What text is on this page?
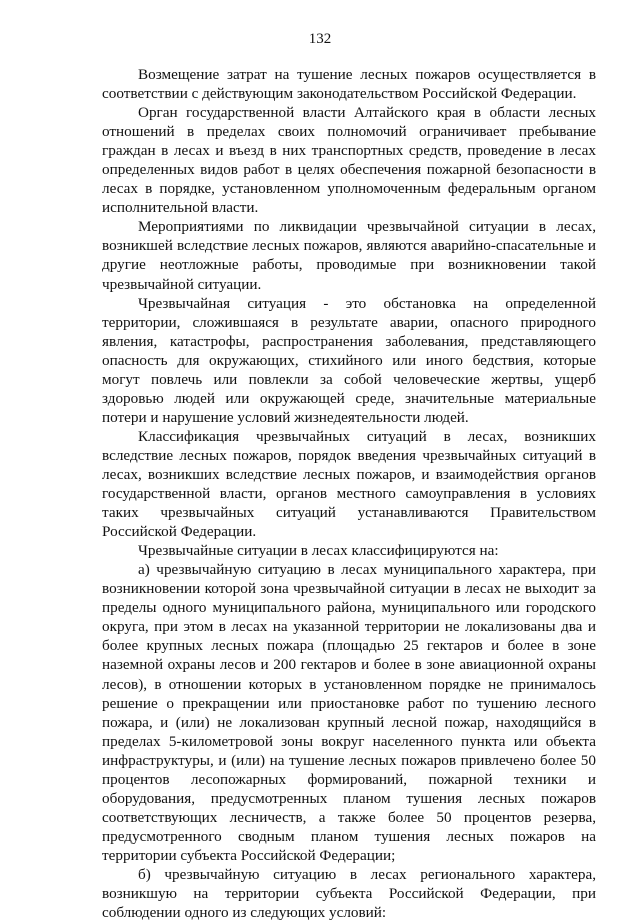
132

Возмещение затрат на тушение лесных пожаров осуществляется в соответствии с действующим законодательством Российской Федерации.

Орган государственной власти Алтайского края в области лесных отношений в пределах своих полномочий ограничивает пребывание граждан в лесах и въезд в них транспортных средств, проведение в лесах определенных видов работ в целях обеспечения пожарной безопасности в лесах в порядке, установленном уполномоченным федеральным органом исполнительной власти.

Мероприятиями по ликвидации чрезвычайной ситуации в лесах, возникшей вследствие лесных пожаров, являются аварийно-спасательные и другие неотложные работы, проводимые при возникновении такой чрезвычайной ситуации.

Чрезвычайная ситуация - это обстановка на определенной территории, сложившаяся в результате аварии, опасного природного явления, катастрофы, распространения заболевания, представляющего опасность для окружающих, стихийного или иного бедствия, которые могут повлечь или повлекли за собой человеческие жертвы, ущерб здоровью людей или окружающей среде, значительные материальные потери и нарушение условий жизнедеятельности людей.

Классификация чрезвычайных ситуаций в лесах, возникших вследствие лесных пожаров, порядок введения чрезвычайных ситуаций в лесах, возникших вследствие лесных пожаров, и взаимодействия органов государственной власти, органов местного самоуправления в условиях таких чрезвычайных ситуаций устанавливаются Правительством Российской Федерации.

Чрезвычайные ситуации в лесах классифицируются на:

а) чрезвычайную ситуацию в лесах муниципального характера, при возникновении которой зона чрезвычайной ситуации в лесах не выходит за пределы одного муниципального района, муниципального или городского округа, при этом в лесах на указанной территории не локализованы два и более крупных лесных пожара (площадью 25 гектаров и более в зоне наземной охраны лесов и 200 гектаров и более в зоне авиационной охраны лесов), в отношении которых в установленном порядке не принималось решение о прекращении или приостановке работ по тушению лесного пожара, и (или) не локализован крупный лесной пожар, находящийся в пределах 5-километровой зоны вокруг населенного пункта или объекта инфраструктуры, и (или) на тушение лесных пожаров привлечено более 50 процентов лесопожарных формирований, пожарной техники и оборудования, предусмотренных планом тушения лесных пожаров соответствующих лесничеств, а также более 50 процентов резерва, предусмотренного сводным планом тушения лесных пожаров на территории субъекта Российской Федерации;

б) чрезвычайную ситуацию в лесах регионального характера, возникшую на территории субъекта Российской Федерации, при соблюдении одного из следующих условий:
